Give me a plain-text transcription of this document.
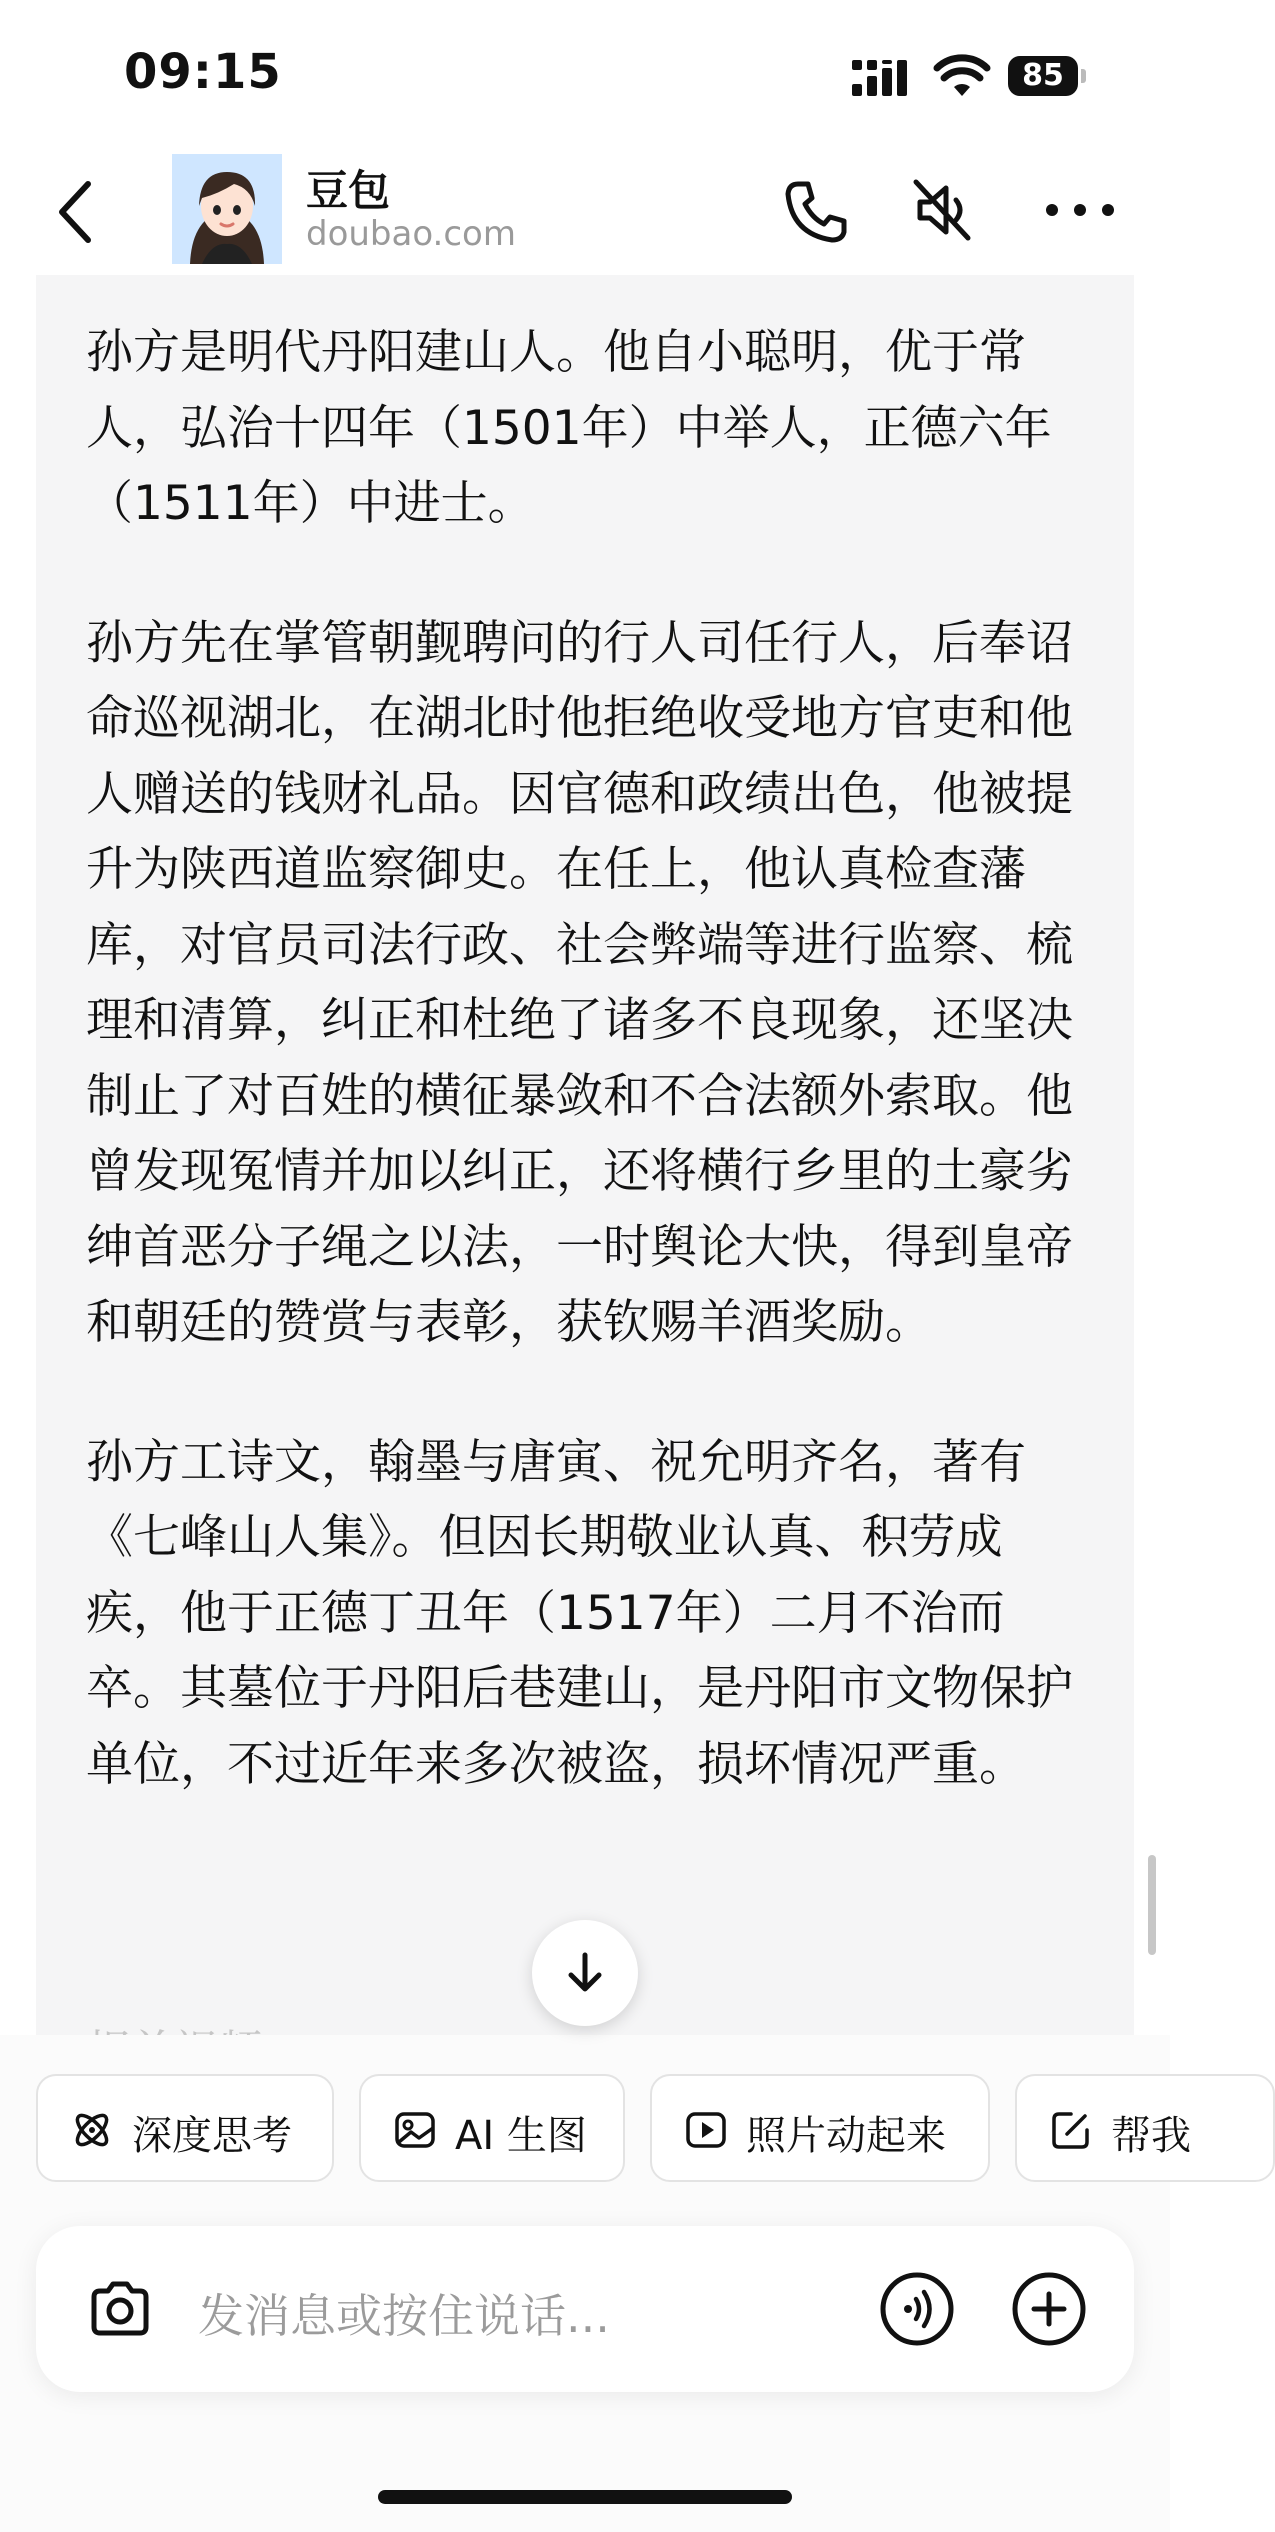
09:15	85
豆包
doubao.com

孙方是明代丹阳建山人。他自小聪明，优于常人，弘治十四年（1501年）中举人，正德六年（1511年）中进士。

孙方先在掌管朝觐聘问的行人司任行人，后奉诏命巡视湖北，在湖北时他拒绝收受地方官吏和他人赠送的钱财礼品。因官德和政绩出色，他被提升为陕西道监察御史。在任上，他认真检查藩库，对官员司法行政、社会弊端等进行监察、梳理和清算，纠正和杜绝了诸多不良现象，还坚决制止了对百姓的横征暴敛和不合法额外索取。他曾发现冤情并加以纠正，还将横行乡里的土豪劣绅首恶分子绳之以法，一时舆论大快，得到皇帝和朝廷的赞赏与表彰，获钦赐羊酒奖励。

孙方工诗文，翰墨与唐寅、祝允明齐名，著有《七峰山人集》。但因长期敬业认真、积劳成疾，他于正德丁丑年（1517年）二月不治而卒。其墓位于丹阳后巷建山，是丹阳市文物保护单位，不过近年来多次被盗，损坏情况严重。

深度思考	AI 生图	照片动起来	帮我
发消息或按住说话...
